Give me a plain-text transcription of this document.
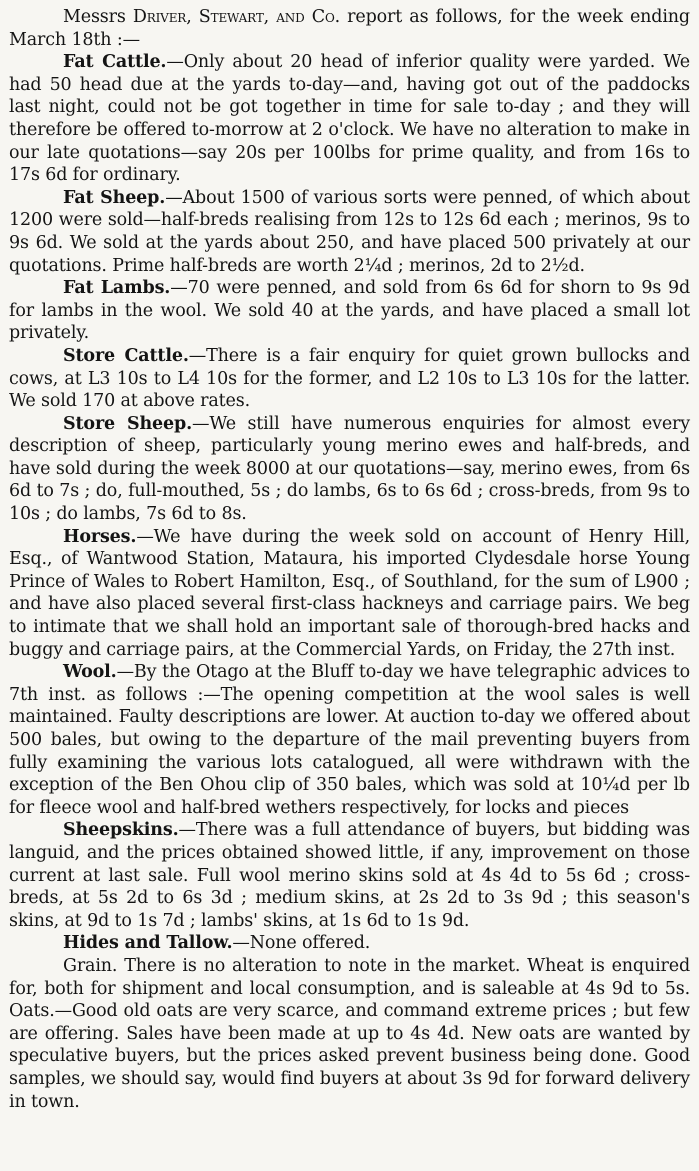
Messrs Driver, Stewart, and Co. report as follows, for the week ending March 18th :—

Fat Cattle.—Only about 20 head of inferior quality were yarded. We had 50 head due at the yards to-day—and, having got out of the paddocks last night, could not be got together in time for sale to-day ; and they will therefore be offered to-morrow at 2 o'clock. We have no alteration to make in our late quotations—say 20s per 100lbs for prime quality, and from 16s to 17s 6d for ordinary.

Fat Sheep.—About 1500 of various sorts were penned, of which about 1200 were sold—half-breds realising from 12s to 12s 6d each ; merinos, 9s to 9s 6d. We sold at the yards about 250, and have placed 500 privately at our quotations. Prime half-breds are worth 2¼d ; merinos, 2d to 2½d.

Fat Lambs.—70 were penned, and sold from 6s 6d for shorn to 9s 9d for lambs in the wool. We sold 40 at the yards, and have placed a small lot privately.

Store Cattle.—There is a fair enquiry for quiet grown bullocks and cows, at L3 10s to L4 10s for the former, and L2 10s to L3 10s for the latter. We sold 170 at above rates.

Store Sheep.—We still have numerous enquiries for almost every description of sheep, particularly young merino ewes and half-breds, and have sold during the week 8000 at our quotations—say, merino ewes, from 6s 6d to 7s ; do, full-mouthed, 5s ; do lambs, 6s to 6s 6d ; cross-breds, from 9s to 10s ; do lambs, 7s 6d to 8s.

Horses.—We have during the week sold on account of Henry Hill, Esq., of Wantwood Station, Mataura, his imported Clydesdale horse Young Prince of Wales to Robert Hamilton, Esq., of Southland, for the sum of L900 ; and have also placed several first-class hackneys and carriage pairs. We beg to intimate that we shall hold an important sale of thorough-bred hacks and buggy and carriage pairs, at the Commercial Yards, on Friday, the 27th inst.

Wool.—By the Otago at the Bluff to-day we have telegraphic advices to 7th inst. as follows :—The opening competition at the wool sales is well maintained. Faulty descriptions are lower. At auction to-day we offered about 500 bales, but owing to the departure of the mail preventing buyers from fully examining the various lots catalogued, all were withdrawn with the exception of the Ben Ohou clip of 350 bales, which was sold at 10¼d per lb for fleece wool and half-bred wethers respectively, for locks and pieces

Sheepskins.—There was a full attendance of buyers, but bidding was languid, and the prices obtained showed little, if any, improvement on those current at last sale. Full wool merino skins sold at 4s 4d to 5s 6d ; cross-breds, at 5s 2d to 6s 3d ; medium skins, at 2s 2d to 3s 9d ; this season's skins, at 9d to 1s 7d ; lambs' skins, at 1s 6d to 1s 9d.

Hides and Tallow.—None offered.

Grain. There is no alteration to note in the market. Wheat is enquired for, both for shipment and local consumption, and is saleable at 4s 9d to 5s. Oats.—Good old oats are very scarce, and command extreme prices ; but few are offering. Sales have been made at up to 4s 4d. New oats are wanted by speculative buyers, but the prices asked prevent business being done. Good samples, we should say, would find buyers at about 3s 9d for forward delivery in town.
